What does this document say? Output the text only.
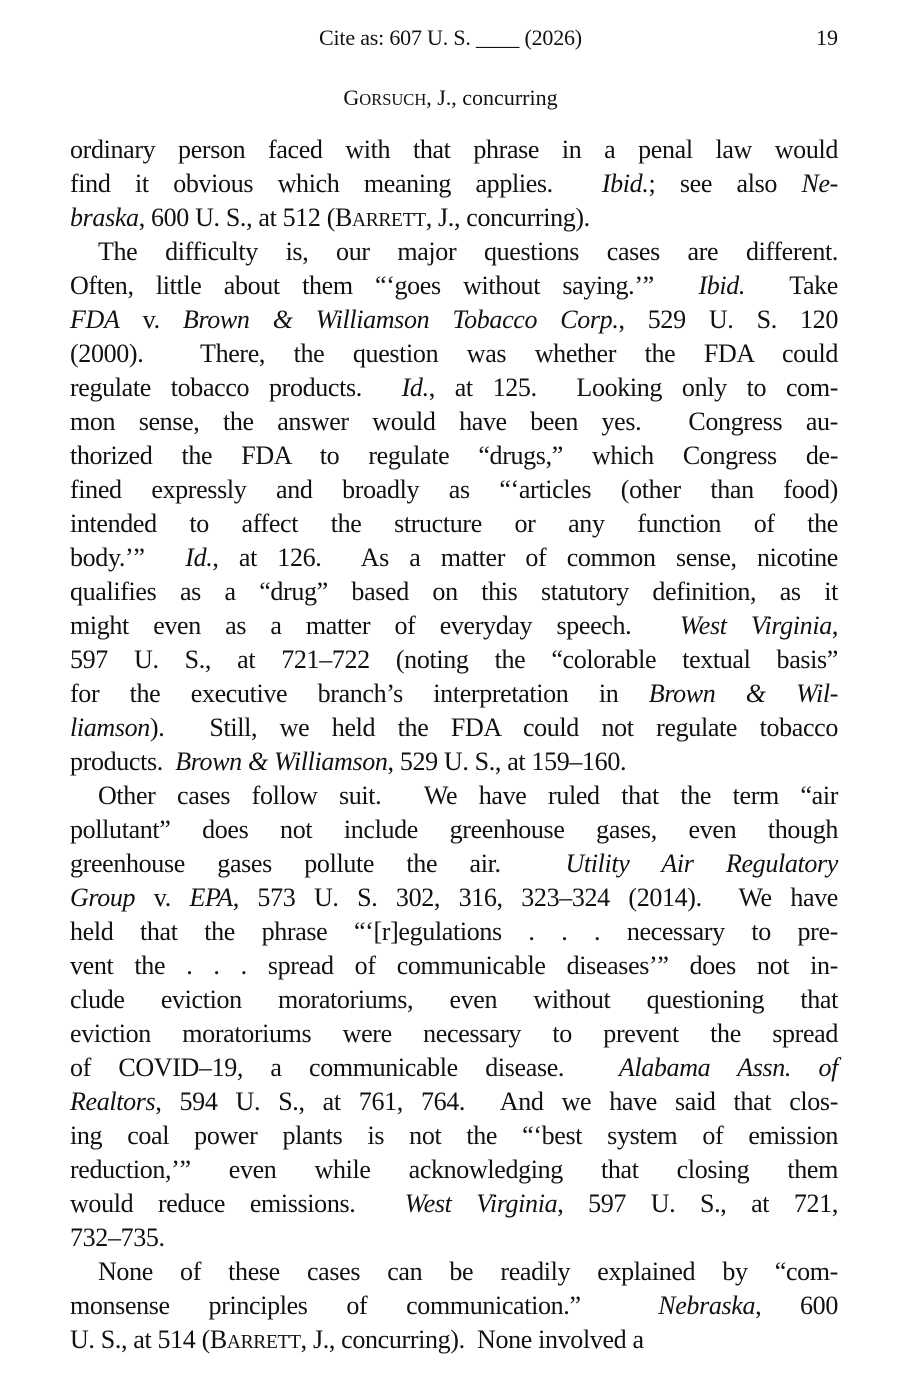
Cite as: 607 U. S. ____ (2026)	19
GORSUCH, J., concurring
ordinary person faced with that phrase in a penal law would
find it obvious which meaning applies.  Ibid.; see also Ne-
braska, 600 U. S., at 512 (BARRETT, J., concurring).
The difficulty is, our major questions cases are different.
Often, little about them “‘goes without saying.’”  Ibid.  Take
FDA v. Brown & Williamson Tobacco Corp., 529 U. S. 120
(2000).  There, the question was whether the FDA could
regulate tobacco products.  Id., at 125.  Looking only to com-
mon sense, the answer would have been yes.  Congress au-
thorized the FDA to regulate “drugs,” which Congress de-
fined expressly and broadly as “‘articles (other than food)
intended to affect the structure or any function of the
body.’”  Id., at 126.  As a matter of common sense, nicotine
qualifies as a “drug” based on this statutory definition, as it
might even as a matter of everyday speech.  West Virginia,
597 U. S., at 721–722 (noting the “colorable textual basis”
for the executive branch’s interpretation in Brown & Wil-
liamson).  Still, we held the FDA could not regulate tobacco
products.  Brown & Williamson, 529 U. S., at 159–160.
Other cases follow suit.  We have ruled that the term “air
pollutant” does not include greenhouse gases, even though
greenhouse gases pollute the air.  Utility Air Regulatory
Group v. EPA, 573 U. S. 302, 316, 323–324 (2014).  We have
held that the phrase “‘[r]egulations . . . necessary to pre-
vent the . . . spread of communicable diseases’” does not in-
clude eviction moratoriums, even without questioning that
eviction moratoriums were necessary to prevent the spread
of COVID–19, a communicable disease.  Alabama Assn. of
Realtors, 594 U. S., at 761, 764.  And we have said that clos-
ing coal power plants is not the “‘best system of emission
reduction,’” even while acknowledging that closing them
would reduce emissions.  West Virginia, 597 U. S., at 721,
732–735.
None of these cases can be readily explained by “com-
monsense principles of communication.”  Nebraska, 600
U. S., at 514 (BARRETT, J., concurring).  None involved a
